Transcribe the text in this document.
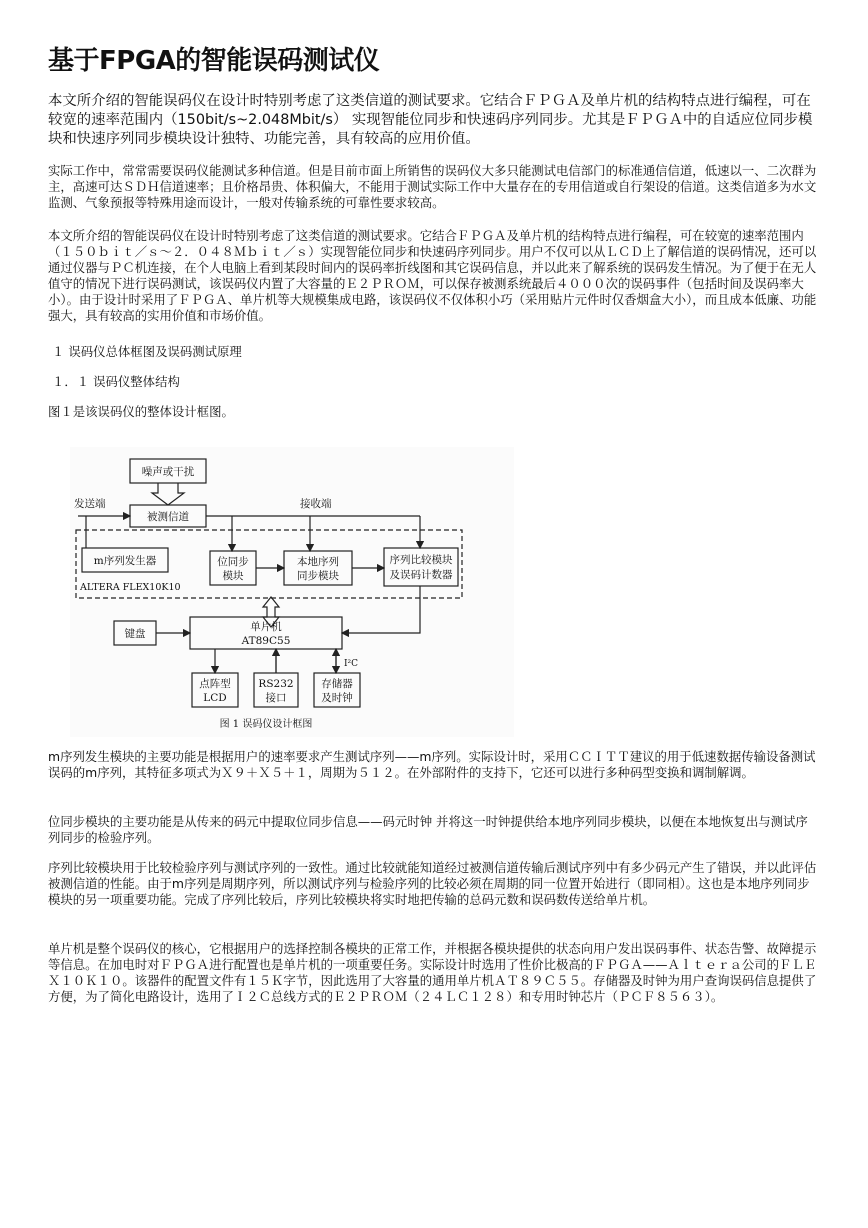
基于FPGA的智能误码测试仪
本文所介绍的智能误码仪在设计时特别考虑了这类信道的测试要求。它结合ＦＰＧＡ及单片机的结构特点进行编程，可在较宽的速率范围内（150bit/s~2.048Mbit/s） 实现智能位同步和快速码序列同步。尤其是ＦＰＧＡ中的自适应位同步模块和快速序列同步模块设计独特、功能完善，具有较高的应用价值。
实际工作中，常常需要误码仪能测试多种信道。但是目前市面上所销售的误码仪大多只能测试电信部门的标准通信信道，低速以一、二次群为主，高速可达ＳＤＨ信道速率；且价格昂贵、体积偏大，不能用于测试实际工作中大量存在的专用信道或自行架设的信道。这类信道多为水文监测、气象预报等特殊用途而设计，一般对传输系统的可靠性要求较高。
本文所介绍的智能误码仪在设计时特别考虑了这类信道的测试要求。它结合ＦＰＧＡ及单片机的结构特点进行编程，可在较宽的速率范围内（１５０ｂｉｔ／ｓ～２．０４８Ｍｂｉｔ／ｓ）实现智能位同步和快速码序列同步。用户不仅可以从ＬＣＤ上了解信道的误码情况，还可以通过仪器与ＰＣ机连接，在个人电脑上看到某段时间内的误码率折线图和其它误码信息，并以此来了解系统的误码发生情况。为了便于在无人值守的情况下进行误码测试，该误码仪内置了大容量的Ｅ２ＰＲＯＭ，可以保存被测系统最后４０００次的误码事件（包括时间及误码率大小）。由于设计时采用了ＦＰＧＡ、单片机等大规模集成电路，该误码仪不仅体积小巧（采用贴片元件时仅香烟盒大小），而且成本低廉、功能强大，具有较高的实用价值和市场价值。
１ 误码仪总体框图及误码测试原理
１．１ 误码仪整体结构
图１是该误码仪的整体设计框图。
噪声或干扰
发送端	接收端
被测信道
m序列发生器
ALTERA FLEX10K10
位同步
模块
本地序列
同步模块
序列比较模块
及误码计数器
单片机
AT89C55
键盘
I²C
点阵型
LCD
RS232
接口
存储器
及时钟
图 1 误码仪设计框图
m序列发生模块的主要功能是根据用户的速率要求产生测试序列——m序列。实际设计时，采用ＣＣＩＴＴ建议的用于低速数据传输设备测试误码的m序列，其特征多项式为Ｘ９＋Ｘ５＋１，周期为５１２。在外部附件的支持下，它还可以进行多种码型变换和调制解调。
位同步模块的主要功能是从传来的码元中提取位同步信息——码元时钟 并将这一时钟提供给本地序列同步模块，以便在本地恢复出与测试序列同步的检验序列。
序列比较模块用于比较检验序列与测试序列的一致性。通过比较就能知道经过被测信道传输后测试序列中有多少码元产生了错误，并以此评估被测信道的性能。由于m序列是周期序列，所以测试序列与检验序列的比较必须在周期的同一位置开始进行（即同相）。这也是本地序列同步模块的另一项重要功能。完成了序列比较后，序列比较模块将实时地把传输的总码元数和误码数传送给单片机。
单片机是整个误码仪的核心，它根据用户的选择控制各模块的正常工作，并根据各模块提供的状态向用户发出误码事件、状态告警、故障提示等信息。在加电时对ＦＰＧＡ进行配置也是单片机的一项重要任务。实际设计时选用了性价比极高的ＦＰＧＡ——Ａｌｔｅｒａ公司的ＦＬＥＸ１０Ｋ１０。该器件的配置文件有１５Ｋ字节，因此选用了大容量的通用单片机ＡＴ８９Ｃ５５。存储器及时钟为用户查询误码信息提供了方便，为了简化电路设计，选用了Ｉ２Ｃ总线方式的Ｅ２ＰＲＯＭ（２４ＬＣ１２８）和专用时钟芯片（ＰＣＦ８５６３）。
